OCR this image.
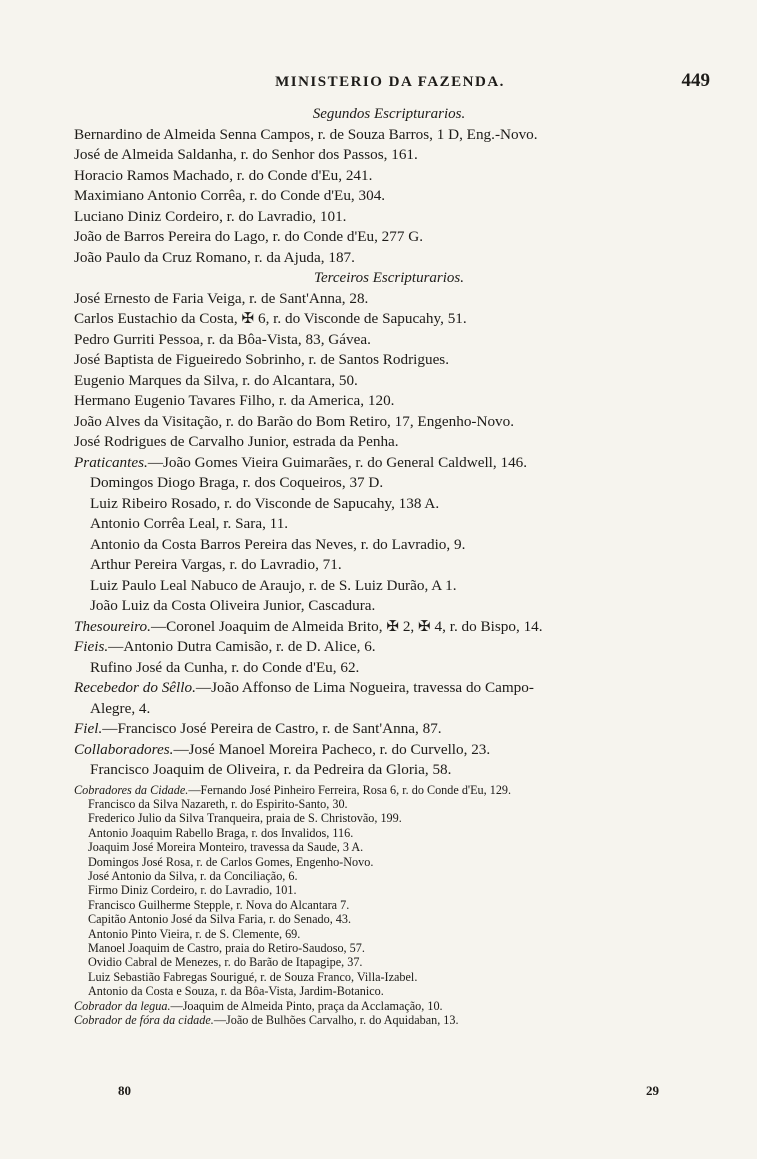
MINISTERIO DA FAZENDA.	449

Segundos Escripturarios.

Bernardino de Almeida Senna Campos, r. de Souza Barros, 1 D, Eng.-Novo.

José de Almeida Saldanha, r. do Senhor dos Passos, 161.

Horacio Ramos Machado, r. do Conde d'Eu, 241.

Maximiano Antonio Corrêa, r. do Conde d'Eu, 304.

Luciano Diniz Cordeiro, r. do Lavradio, 101.

João de Barros Pereira do Lago, r. do Conde d'Eu, 277 G.

João Paulo da Cruz Romano, r. da Ajuda, 187.

Terceiros Escripturarios.

José Ernesto de Faria Veiga, r. de Sant'Anna, 28.

Carlos Eustachio da Costa, ✠ 6, r. do Visconde de Sapucahy, 51.

Pedro Gurriti Pessoa, r. da Bôa-Vista, 83, Gávea.

José Baptista de Figueiredo Sobrinho, r. de Santos Rodrigues.

Eugenio Marques da Silva, r. do Alcantara, 50.

Hermano Eugenio Tavares Filho, r. da America, 120.

João Alves da Visitação, r. do Barão do Bom Retiro, 17, Engenho-Novo.

José Rodrigues de Carvalho Junior, estrada da Penha.

Praticantes.—João Gomes Vieira Guimarães, r. do General Caldwell, 146.

Domingos Diogo Braga, r. dos Coqueiros, 37 D.

Luiz Ribeiro Rosado, r. do Visconde de Sapucahy, 138 A.

Antonio Corrêa Leal, r. Sara, 11.

Antonio da Costa Barros Pereira das Neves, r. do Lavradio, 9.

Arthur Pereira Vargas, r. do Lavradio, 71.

Luiz Paulo Leal Nabuco de Araujo, r. de S. Luiz Durão, A 1.

João Luiz da Costa Oliveira Junior, Cascadura.

Thesoureiro.—Coronel Joaquim de Almeida Brito, ✠ 2, ✠ 4, r. do Bispo, 14.

Fieis.—Antonio Dutra Camisão, r. de D. Alice, 6.

Rufino José da Cunha, r. do Conde d'Eu, 62.

Recebedor do Sêllo.—João Affonso de Lima Nogueira, travessa do Campo-

Alegre, 4.

Fiel.—Francisco José Pereira de Castro, r. de Sant'Anna, 87.

Collaboradores.—José Manoel Moreira Pacheco, r. do Curvello, 23.

Francisco Joaquim de Oliveira, r. da Pedreira da Gloria, 58.

Cobradores da Cidade.—Fernando José Pinheiro Ferreira, Rosa 6, r. do Conde d'Eu, 129.

Francisco da Silva Nazareth, r. do Espirito-Santo, 30.

Frederico Julio da Silva Tranqueira, praia de S. Christovão, 199.

Antonio Joaquim Rabello Braga, r. dos Invalidos, 116.

Joaquim José Moreira Monteiro, travessa da Saude, 3 A.

Domingos José Rosa, r. de Carlos Gomes, Engenho-Novo.

José Antonio da Silva, r. da Conciliação, 6.

Firmo Diniz Cordeiro, r. do Lavradio, 101.

Francisco Guilherme Stepple, r. Nova do Alcantara 7.

Capitão Antonio José da Silva Faria, r. do Senado, 43.

Antonio Pinto Vieira, r. de S. Clemente, 69.

Manoel Joaquim de Castro, praia do Retiro-Saudoso, 57.

Ovidio Cabral de Menezes, r. do Barão de Itapagipe, 37.

Luiz Sebastião Fabregas Sourigué, r. de Souza Franco, Villa-Izabel.

Antonio da Costa e Souza, r. da Bôa-Vista, Jardim-Botanico.

Cobrador da legua.—Joaquim de Almeida Pinto, praça da Acclamação, 10.

Cobrador de fóra da cidade.—João de Bulhões Carvalho, r. do Aquidaban, 13.

80	29
